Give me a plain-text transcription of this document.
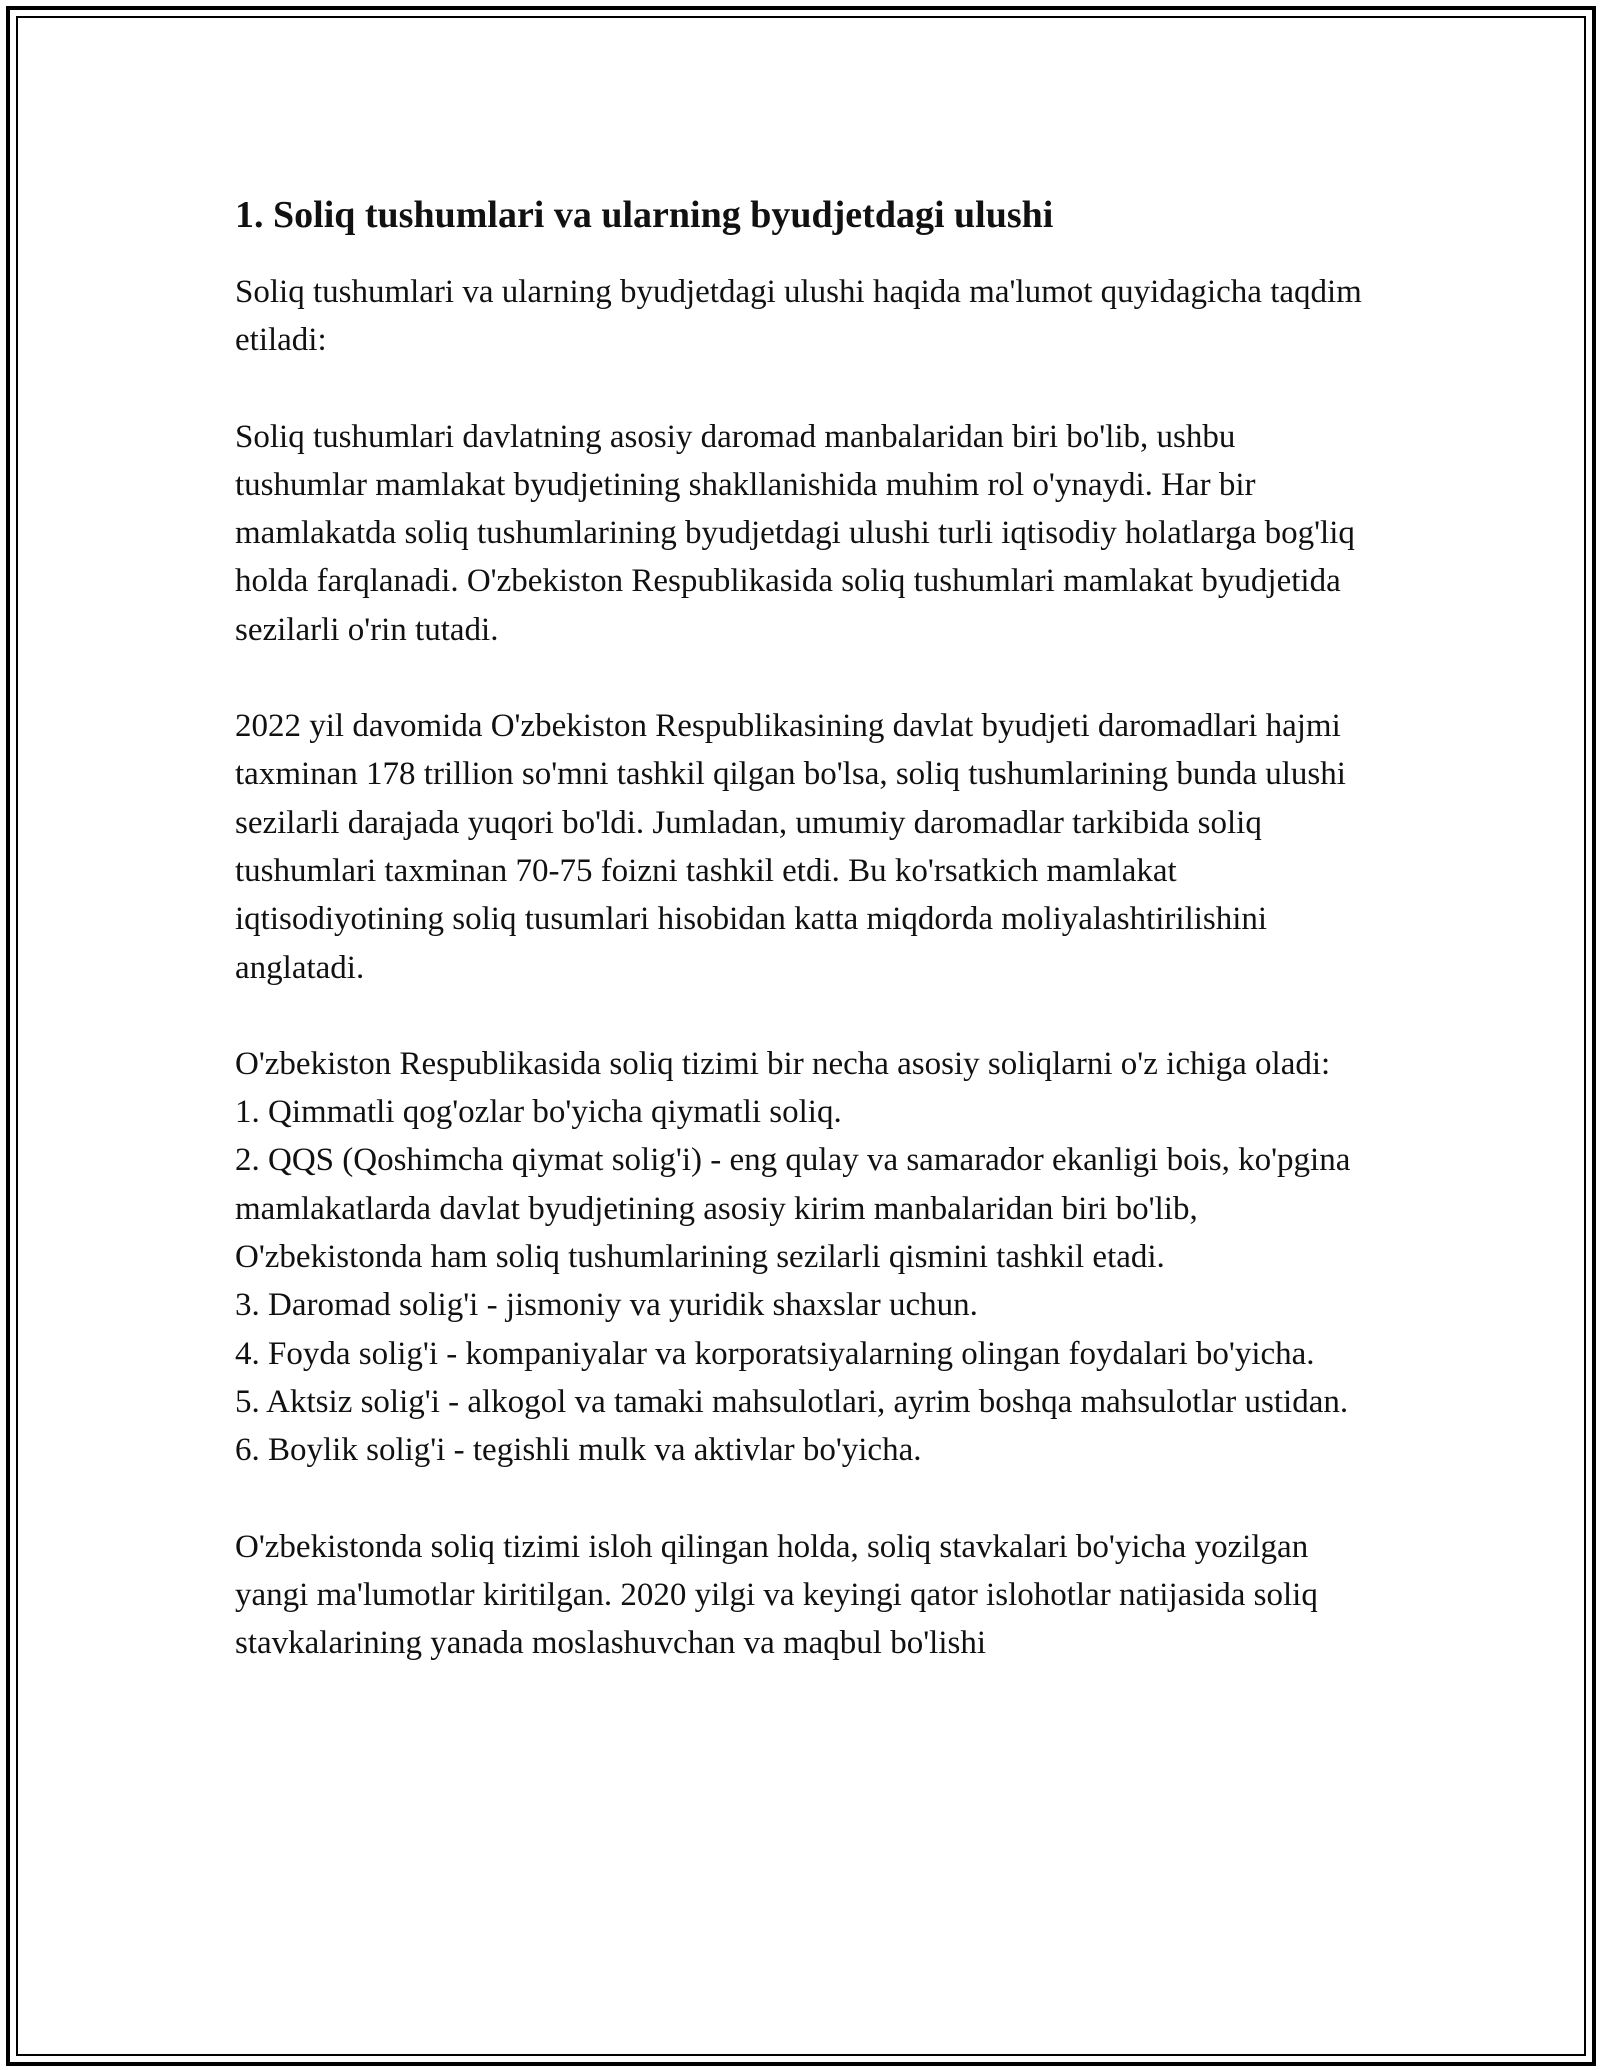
1. Soliq tushumlari va ularning byudjetdagi ulushi

Soliq tushumlari va ularning byudjetdagi ulushi haqida ma'lumot quyidagicha taqdim etiladi:

Soliq tushumlari davlatning asosiy daromad manbalaridan biri bo'lib, ushbu tushumlar mamlakat byudjetining shakllanishida muhim rol o'ynaydi. Har bir mamlakatda soliq tushumlarining byudjetdagi ulushi turli iqtisodiy holatlarga bog'liq holda farqlanadi. O'zbekiston Respublikasida soliq tushumlari mamlakat byudjetida sezilarli o'rin tutadi.

2022 yil davomida O'zbekiston Respublikasining davlat byudjeti daromadlari hajmi taxminan 178 trillion so'mni tashkil qilgan bo'lsa, soliq tushumlarining bunda ulushi sezilarli darajada yuqori bo'ldi. Jumladan, umumiy daromadlar tarkibida soliq tushumlari taxminan 70-75 foizni tashkil etdi. Bu ko'rsatkich mamlakat iqtisodiyotining soliq tusumlari hisobidan katta miqdorda moliyalashtirilishini anglatadi.

O'zbekiston Respublikasida soliq tizimi bir necha asosiy soliqlarni o'z ichiga oladi:

1. Qimmatli qog'ozlar bo'yicha qiymatli soliq.
2. QQS (Qoshimcha qiymat solig'i) - eng qulay va samarador ekanligi bois, ko'pgina mamlakatlarda davlat byudjetining asosiy kirim manbalaridan biri bo'lib, O'zbekistonda ham soliq tushumlarining sezilarli qismini tashkil etadi.
3. Daromad solig'i - jismoniy va yuridik shaxslar uchun.
4. Foyda solig'i - kompaniyalar va korporatsiyalarning olingan foydalari bo'yicha.
5. Aktsiz solig'i - alkogol va tamaki mahsulotlari, ayrim boshqa mahsulotlar ustidan.
6. Boylik solig'i - tegishli mulk va aktivlar bo'yicha.

O'zbekistonda soliq tizimi isloh qilingan holda, soliq stavkalari bo'yicha yozilgan yangi ma'lumotlar kiritilgan. 2020 yilgi va keyingi qator islohotlar natijasida soliq stavkalarining yanada moslashuvchan va maqbul bo'lishi
